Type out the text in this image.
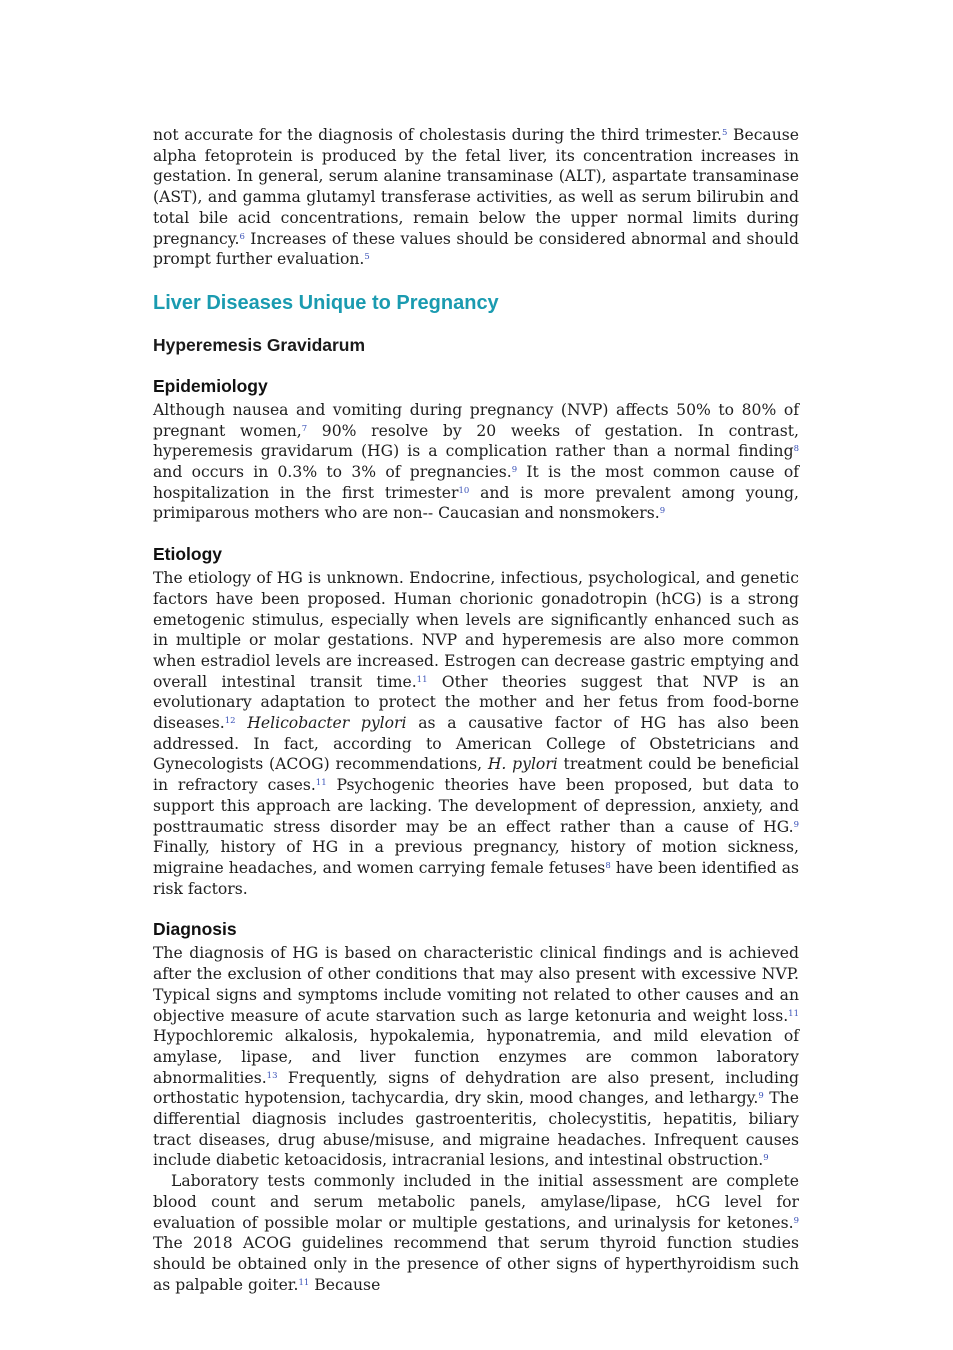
not accurate for the diagnosis of cholestasis during the third trimester.$^5$ Because alpha fetoprotein is produced by the fetal liver, its concentration increases in gestation. In general, serum alanine transaminase (ALT), aspartate transaminase (AST), and gamma glutamyl transferase activities, as well as serum bilirubin and total bile acid concentrations, remain below the upper normal limits during pregnancy.$^6$ Increases of these values should be considered abnormal and should prompt further evaluation.$^5$

Liver Diseases Unique to Pregnancy
Hyperemesis Gravidarum
Epidemiology

Although nausea and vomiting during pregnancy (NVP) affects 50% to 80% of pregnant women,$^7$ 90% resolve by 20 weeks of gestation. In contrast, hyperemesis gravidarum (HG) is a complication rather than a normal finding$^8$ and occurs in 0.3% to 3% of pregnancies.$^9$ It is the most common cause of hospitalization in the first trimester$^{10}$ and is more prevalent among young, primiparous mothers who are non-- Caucasian and nonsmokers.$^9$

Etiology

The etiology of HG is unknown. Endocrine, infectious, psychological, and genetic factors have been proposed. Human chorionic gonadotropin (hCG) is a strong emetogenic stimulus, especially when levels are significantly enhanced such as in multiple or molar gestations. NVP and hyperemesis are also more common when estradiol levels are increased. Estrogen can decrease gastric emptying and overall intestinal transit time.$^{11}$ Other theories suggest that NVP is an evolutionary adaptation to protect the mother and her fetus from food-borne diseases.$^{12}$ Helicobacter pylori as a causative factor of HG has also been addressed. In fact, according to American College of Obstetricians and Gynecologists (ACOG) recommendations, H. pylori treatment could be beneficial in refractory cases.$^{11}$ Psychogenic theories have been proposed, but data to support this approach are lacking. The development of depression, anxiety, and posttraumatic stress disorder may be an effect rather than a cause of HG.$^9$ Finally, history of HG in a previous pregnancy, history of motion sickness, migraine headaches, and women carrying female fetuses$^8$ have been identified as risk factors.

Diagnosis

The diagnosis of HG is based on characteristic clinical findings and is achieved after the exclusion of other conditions that may also present with excessive NVP. Typical signs and symptoms include vomiting not related to other causes and an objective measure of acute starvation such as large ketonuria and weight loss.$^{11}$ Hypochloremic alkalosis, hypokalemia, hyponatremia, and mild elevation of amylase, lipase, and liver function enzymes are common laboratory abnormalities.$^{13}$ Frequently, signs of dehydration are also present, including orthostatic hypotension, tachycardia, dry skin, mood changes, and lethargy.$^9$ The differential diagnosis includes gastroenteritis, cholecystitis, hepatitis, biliary tract diseases, drug abuse/misuse, and migraine headaches. Infrequent causes include diabetic ketoacidosis, intracranial lesions, and intestinal obstruction.$^9$

Laboratory tests commonly included in the initial assessment are complete blood count and serum metabolic panels, amylase/lipase, hCG level for evaluation of possible molar or multiple gestations, and urinalysis for ketones.$^9$ The 2018 ACOG guidelines recommend that serum thyroid function studies should be obtained only in the presence of other signs of hyperthyroidism such as palpable goiter.$^{11}$ Because
